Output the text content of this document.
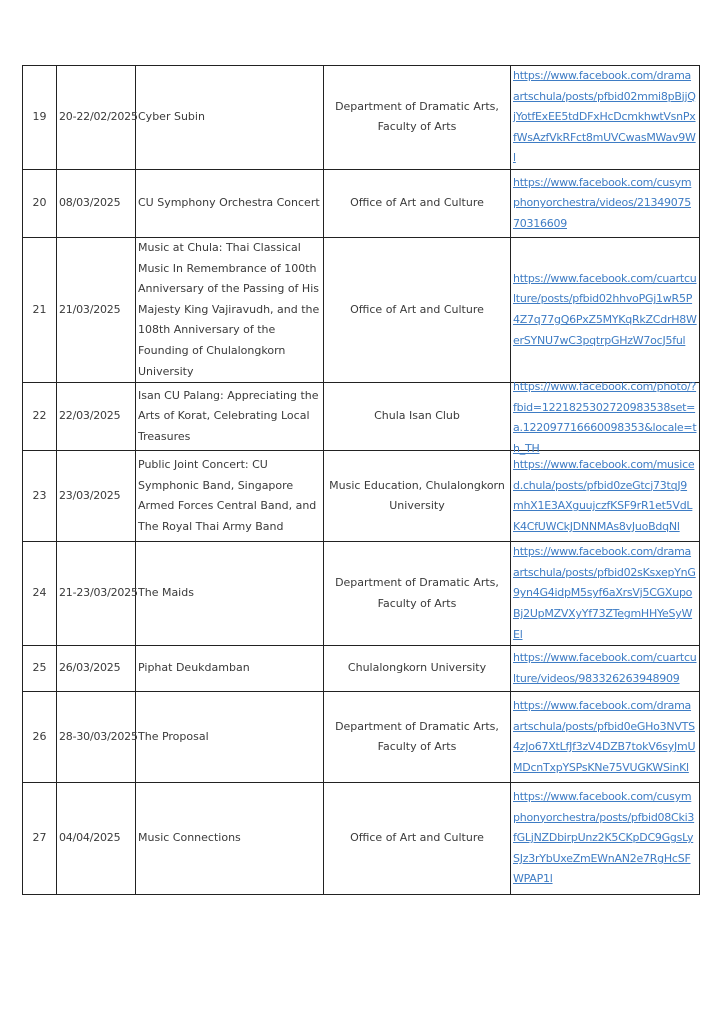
19	20-22/02/2025	Cyber Subin	Department of Dramatic Arts, Faculty of Arts	https://www.facebook.com/dramaartschula/posts/pfbid02mmi8pBjjQjYotfExEE5tdDFxHcDcmkhwtVsnPxfWsAzfVkRFct8mUVCwasMWav9Wl
20	08/03/2025	CU Symphony Orchestra Concert	Office of Art and Culture	https://www.facebook.com/cusymphonyorchestra/videos/2134907570316609
21	21/03/2025	Music at Chula: Thai Classical Music In Remembrance of 100th Anniversary of the Passing of His Majesty King Vajiravudh, and the 108th Anniversary of the Founding of Chulalongkorn University	Office of Art and Culture	https://www.facebook.com/cuartculture/posts/pfbid02hhvoPGj1wR5P4Z7q77gQ6PxZ5MYKqRkZCdrH8WerSYNU7wC3pqtrpGHzW7ocJ5ful
22	22/03/2025	Isan CU Palang: Appreciating the Arts of Korat, Celebrating Local Treasures	Chula Isan Club	https://www.facebook.com/photo/?fbid=1221825302720983538set=a.122097716660098353&locale=th_TH

23	23/03/2025	Public Joint Concert: CU Symphonic Band, Singapore Armed Forces Central Band, and The Royal Thai Army Band	Music Education, Chulalongkorn University	https://www.facebook.com/musiced.chula/posts/pfbid0zeGtcj73tqJ9mhX1E3AXguujczfKSF9rR1et5VdLK4CfUWCkJDNNMAs8vJuoBdqNl
24	21-23/03/2025	The Maids	Department of Dramatic Arts, Faculty of Arts	https://www.facebook.com/dramaartschula/posts/pfbid02sKsxepYnG9yn4G4idpM5syf6aXrsVj5CGXupoBj2UpMZVXyYf73ZTegmHHYeSyWEl
25	26/03/2025	Piphat Deukdamban	Chulalongkorn University	https://www.facebook.com/cuartculture/videos/983326263948909
26	28-30/03/2025	The Proposal	Department of Dramatic Arts, Faculty of Arts	https://www.facebook.com/dramaartschula/posts/pfbid0eGHo3NVTS4zJo67XtLfJf3zV4DZB7tokV6syJmUMDcnTxpYSPsKNe75VUGKWSinKl
27	04/04/2025	Music Connections	Office of Art and Culture	https://www.facebook.com/cusymphonyorchestra/posts/pfbid08Cki3fGLjNZDbirpUnz2K5CKpDC9GgsLySJz3rYbUxeZmEWnAN2e7RgHcSFWPAP1l
